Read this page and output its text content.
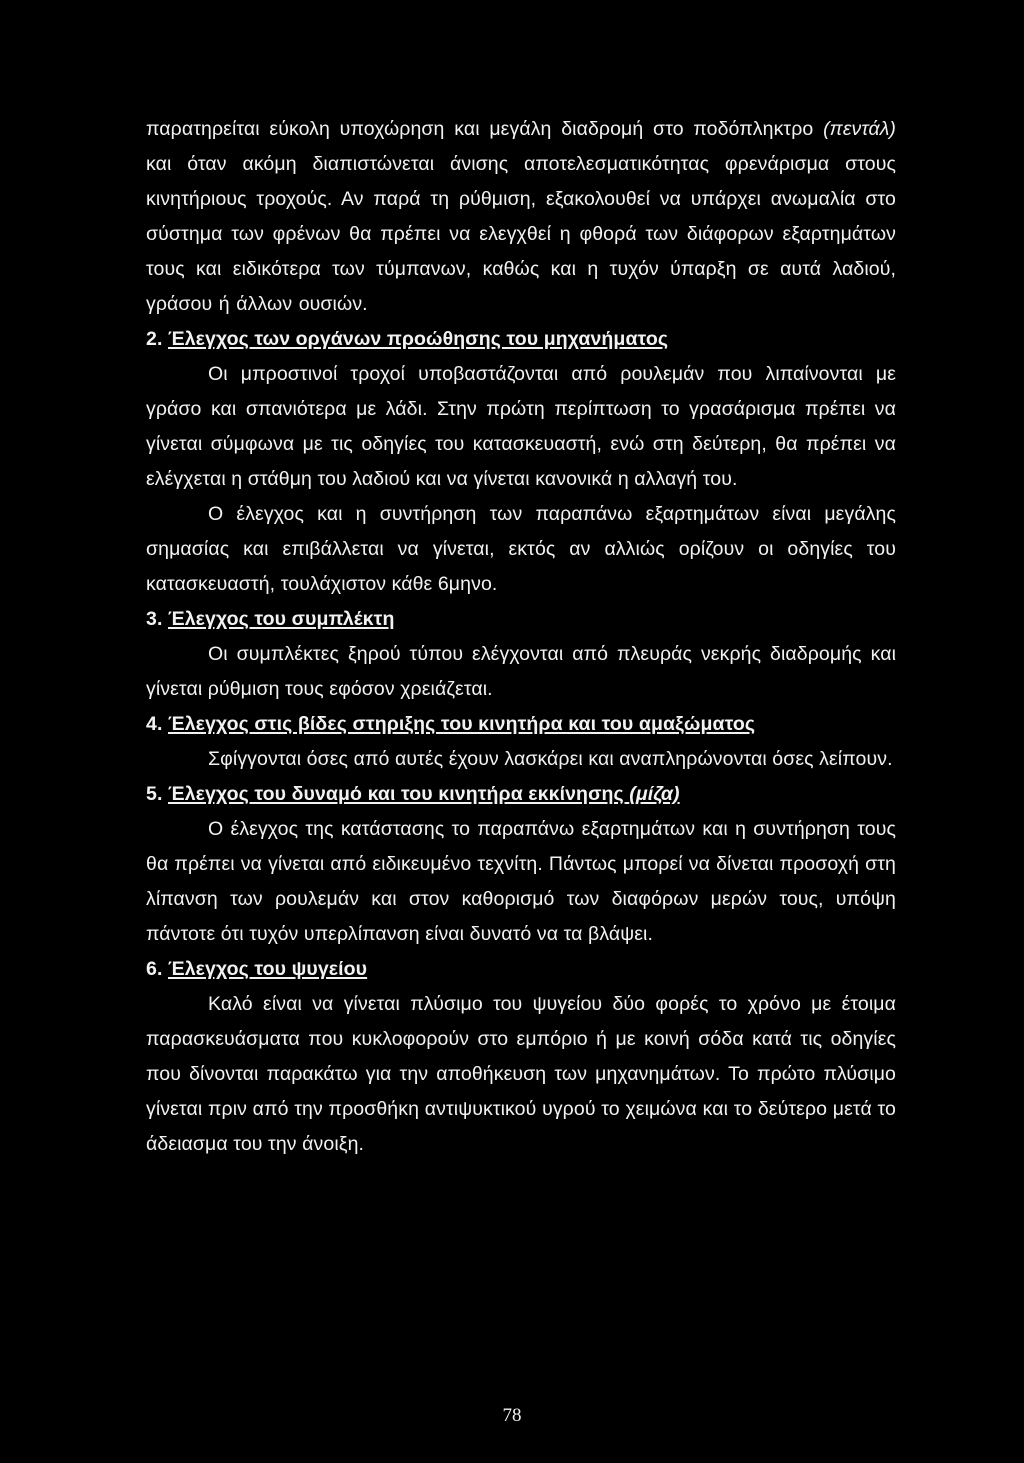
παρατηρείται εύκολη υποχώρηση και μεγάλη διαδρομή στο ποδόπληκτρο (πεντάλ) και όταν ακόμη διαπιστώνεται άνισης αποτελεσματικότητας φρενάρισμα στους κινητήριους τροχούς. Αν παρά τη ρύθμιση, εξακολουθεί να υπάρχει ανωμαλία στο σύστημα των φρένων θα πρέπει να ελεγχθεί η φθορά των διάφορων εξαρτημάτων τους και ειδικότερα των τύμπανων, καθώς και η τυχόν ύπαρξη σε αυτά λαδιού, γράσου ή άλλων ουσιών.

2. Έλεγχος των οργάνων προώθησης του μηχανήματος

Οι μπροστινοί τροχοί υποβαστάζονται από ρουλεμάν που λιπαίνονται με γράσο και σπανιότερα με λάδι. Στην πρώτη περίπτωση το γρασάρισμα πρέπει να γίνεται σύμφωνα με τις οδηγίες του κατασκευαστή, ενώ στη δεύτερη, θα πρέπει να ελέγχεται η στάθμη του λαδιού και να γίνεται κανονικά η αλλαγή του.

Ο έλεγχος και η συντήρηση των παραπάνω εξαρτημάτων είναι μεγάλης σημασίας και επιβάλλεται να γίνεται, εκτός αν αλλιώς ορίζουν οι οδηγίες του κατασκευαστή, τουλάχιστον κάθε 6μηνο.

3. Έλεγχος του συμπλέκτη

Οι συμπλέκτες ξηρού τύπου ελέγχονται από πλευράς νεκρής διαδρομής και γίνεται ρύθμιση τους εφόσον χρειάζεται.

4. Έλεγχος στις βίδες στηριξης του κινητήρα και του αμαξώματος

Σφίγγονται όσες από αυτές έχουν λασκάρει και αναπληρώνονται όσες λείπουν.

5. Έλεγχος του δυναμό και του κινητήρα εκκίνησης (μίζα)

Ο έλεγχος της κατάστασης το παραπάνω εξαρτημάτων και η συντήρηση τους θα πρέπει να γίνεται από ειδικευμένο τεχνίτη. Πάντως μπορεί να δίνεται προσοχή στη λίπανση των ρουλεμάν και στον καθορισμό των διαφόρων μερών τους, υπόψη πάντοτε ότι τυχόν υπερλίπανση είναι δυνατό να τα βλάψει.

6. Έλεγχος του ψυγείου

Καλό είναι να γίνεται πλύσιμο του ψυγείου δύο φορές το χρόνο με έτοιμα παρασκευάσματα που κυκλοφορούν στο εμπόριο ή με κοινή σόδα κατά τις οδηγίες που δίνονται παρακάτω για την αποθήκευση των μηχανημάτων. Το πρώτο πλύσιμο γίνεται πριν από την προσθήκη αντιψυκτικού υγρού το χειμώνα και το δεύτερο μετά το άδειασμα του την άνοιξη.

78
